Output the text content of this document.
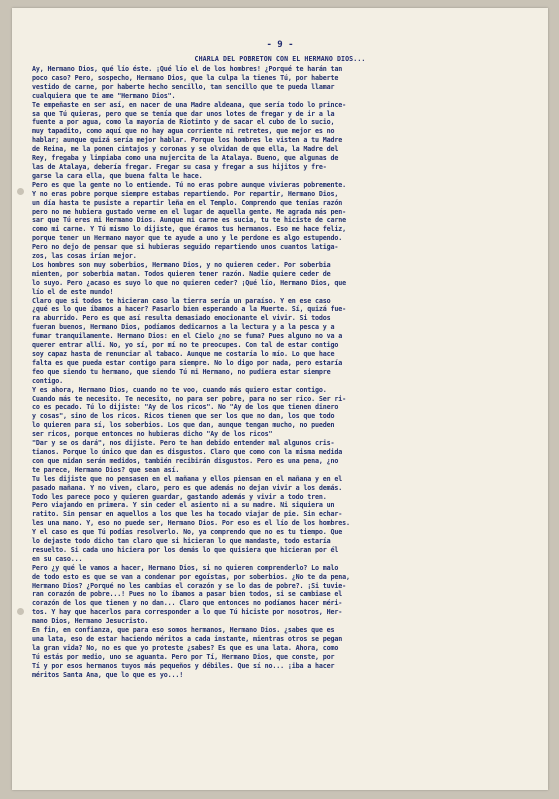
- 9 -
CHARLA DEL POBRETON CON EL HERMANO DIOS...
Ay, Hermano Dios, qué lío éste. ¡Qué lío el de los hombres! ¿Porqué te harán tan
poco caso? Pero, sospecho, Hermano Dios, que la culpa la tienes Tú, por haberte
vestido de carne, por haberte hecho sencillo, tan sencillo que te pueda llamar
cualquiera que te ame "Hermano Dios".
Te empeñaste en ser así, en nacer de una Madre aldeana, que sería todo lo prince-
sa que Tú quieras, pero que se tenía que dar unos lotes de fregar y de ir a la
fuente a por agua, como la mayoría de Riotinto y de sacar el cubo de lo sucio,
muy tapadito, como aquí que no hay agua corriente ni retretes, que mejor es no
hablar; aunque quizá sería mejor hablar. Porque los hombres le visten a tu Madre
de Reina, me la ponen cintajos y coronas y se olvidan de que ella, la Madre del
Rey, fregaba y limpiaba como una mujercita de la Atalaya. Bueno, que algunas de
las de Atalaya, debería fregar. Fregar su casa y fregar a sus hijitos y fre-
garse la cara ella, que buena falta le hace.
Pero es que la gente no lo entiende. Tú no eras pobre aunque vivieras pobremente.
Y no eras pobre porque siempre estabas repartiendo. Por repartir, Hermano Dios,
un día hasta te pusiste a repartir leña en el Templo. Comprendo que tenías razón
pero no me hubiera gustado verme en el lugar de aquella gente. Me agrada más pen-
sar que Tú eres mi Hermano Dios. Aunque mi carne es sucia, tu te hiciste de carne
como mi carne. Y Tú mismo lo dijiste, que éramos tus hermanos. Eso me hace feliz,
porque tener un Hermano mayor que te ayude a uno y le perdone es algo estupendo.
Pero no dejo de pensar que si hubieras seguido repartiendo unos cuantos latiga-
zos, las cosas irían mejor.
Los hombres son muy soberbios, Hermano Dios, y no quieren ceder. Por soberbia
mienten, por soberbia matan. Todos quieren tener razón. Nadie quiere ceder de
lo suyo. Pero ¿acaso es suyo lo que no quieren ceder? ¡Qué lío, Hermano Dios, que
lío el de este mundo!
Claro que si todos te hicieran caso la tierra sería un paraíso. Y en ese caso
¿qué es lo que íbamos a hacer? Pasarlo bien esperando a la Muerte. Sí, quizá fue-
ra aburrido. Pero es que así resulta demasiado emocionante el vivir. Si todos
fueran buenos, Hermano Dios, podíamos dedicarnos a la lectura y a la pesca y a
fumar tranquilamente. Hermano Dios: en el Cielo ¿no se fuma? Pues alguno no va a
querer entrar allí. No, yo sí, por mí no te preocupes. Con tal de estar contigo
soy capaz hasta de renunciar al tabaco. Aunque me costaría lo mío. Lo que hace
falta es que pueda estar contigo para siempre. No lo digo por nada, pero estaría
feo que siendo tu hermano, que siendo Tú mi Hermano, no pudiera estar siempre
contigo.
Y es ahora, Hermano Dios, cuando no te voo, cuando más quiero estar contigo.
Cuando más te necesito. Te necesito, no para ser pobre, para no ser rico. Ser ri-
co es pecado. Tú lo dijiste: "Ay de los ricos". No "Ay de los que tienen dinero
y cosas", sino de los ricos. Ricos tienen que ser los que no dan, los que todo
lo quieren para sí, los soberbios. Los que dan, aunque tengan mucho, no pueden
ser ricos, porque entonces no hubieras dicho "Ay de los ricos"
"Dar y se os dará", nos dijiste. Pero te han debido entender mal algunos cris-
tianos. Porque lo único que dan es disgustos. Claro que como con la misma medida
con que midan serán medidos, también recibirán disgustos. Pero es una pena, ¿no
te parece, Hermano Dios? que sean así.
Tu les dijiste que no pensasen en el mañana y ellos piensan en el mañana y en el
pasado mañana. Y no viven, claro, pero es que además no dejan vivir a los demás.
Todo les parece poco y quieren guardar, gastando además y vivir a todo tren.
Pero viajando en primera. Y sin ceder el asiento ni a su madre. Ni siquiera un
ratito. Sin pensar en aquellos a los que les ha tocado viajar de pie. Sin echar-
les una mano. Y, eso no puede ser, Hermano Dios. Por eso es el lío de los hombres.
Y el caso es que Tú podías resolverlo. No, ya comprendo que no es tu tiempo. Que
lo dejaste todo dicho tan claro que si hicieran lo que mandaste, todo estaría
resuelto. Si cada uno hiciera por los demás lo que quisiera que hicieran por él
en su caso...
Pero ¿y qué le vamos a hacer, Hermano Dios, si no quieren comprenderlo? Lo malo
de todo esto es que se van a condenar por egoístas, por soberbios. ¿No te da pena,
Hermano Dios? ¿Porqué no les cambias el corazón y se lo das de pobre?. ¡Si tuvie-
ran corazón de pobre...! Pues no lo íbamos a pasar bien todos, si se cambiase el
corazón de los que tienen y no dan... Claro que entonces no podíamos hacer méri-
tos. Y hay que hacerlos para corresponder a lo que Tú hiciste por nosotros, Her-
mano Dios, Hermano Jesucristo.
En fin, en confianza, que para eso somos hermanos, Hermano Dios. ¿sabes que es
una lata, eso de estar haciendo méritos a cada instante, mientras otros se pegan
la gran vida? No, no es que yo proteste ¿sabes? Es que es una lata. Ahora, como
Tú estás por medio, uno se aguanta. Pero por Tí, Hermano Dios, que conste, por
Tí y por esos hermanos tuyos más pequeños y débiles. Que sí no... ¡iba a hacer
méritos Santa Ana, que lo que es yo...!
